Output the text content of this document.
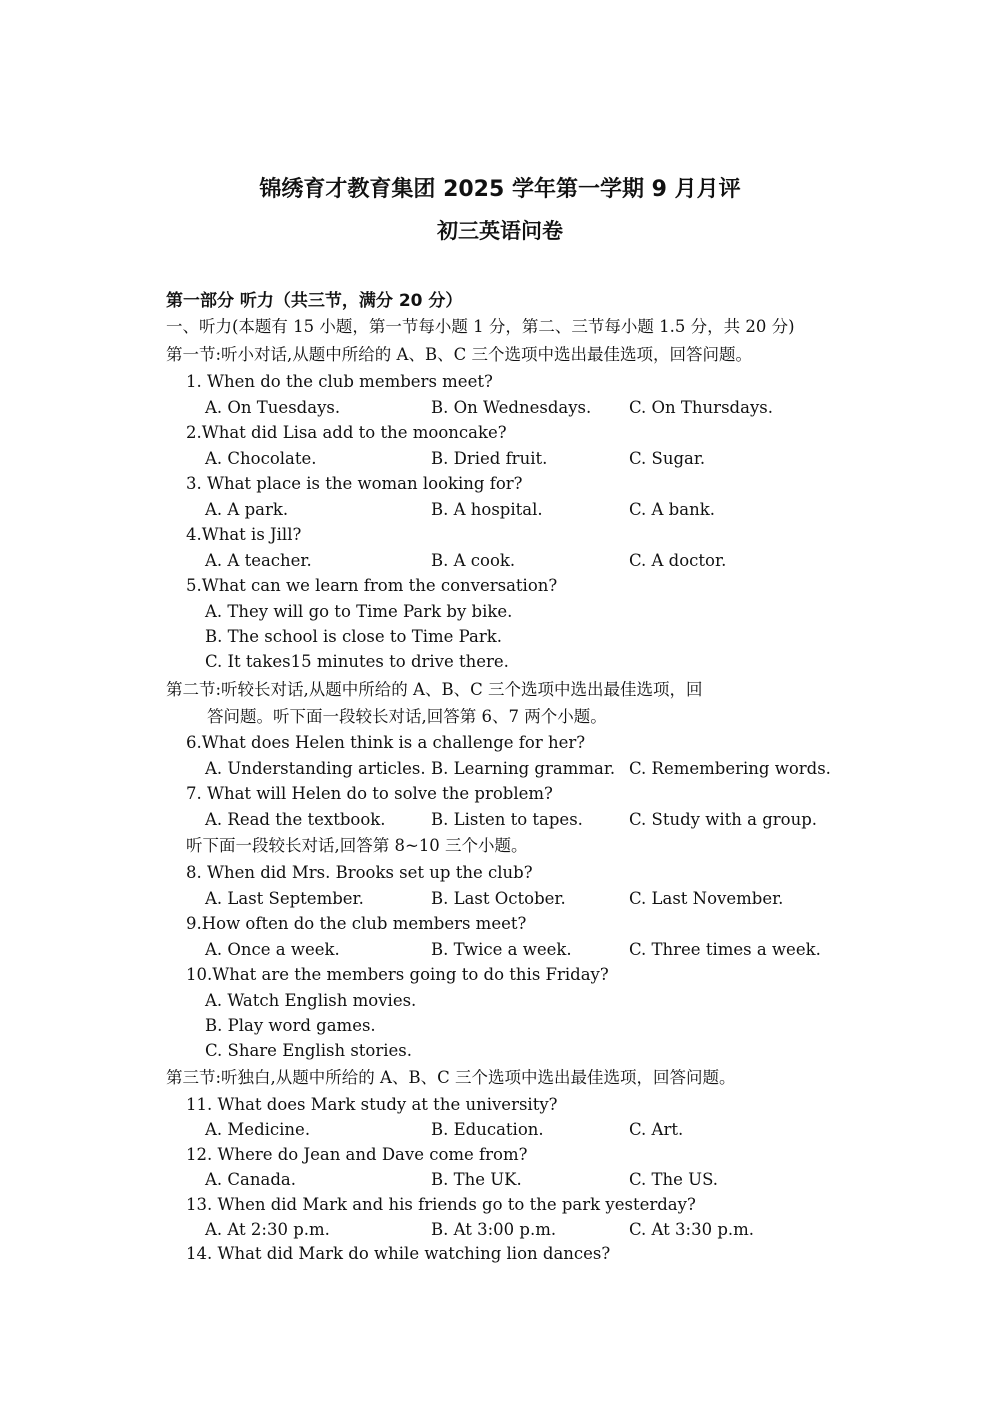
锦绣育才教育集团 2025 学年第一学期 9 月月评
初三英语问卷
第一部分 听力（共三节，满分 20 分）
一、听力(本题有 15 小题，第一节每小题 1 分，第二、三节每小题 1.5 分，共 20 分)
第一节:听小对话,从题中所给的 A、B、C 三个选项中选出最佳选项，回答问题。
1. When do the club members meet?
A. On Tuesdays.	B. On Wednesdays. C. On Thursdays.
2.What did Lisa add to the mooncake?
A. Chocolate.	B. Dried fruit.	C. Sugar.
3. What place is the woman looking for?
A. A park.	B. A hospital.	C. A bank.
4.What is Jill?
A. A teacher.	B. A cook.	C. A doctor.
5.What can we learn from the conversation?
A. They will go to Time Park by bike.
B. The school is close to Time Park.
C. It takes15 minutes to drive there.
第二节:听较长对话,从题中所给的 A、B、C 三个选项中选出最佳选项，回
答问题。听下面一段较长对话,回答第 6、7 两个小题。
6.What does Helen think is a challenge for her?
A. Understanding articles. B. Learning grammar. C. Remembering words.
7. What will Helen do to solve the problem?
A. Read the textbook.	B. Listen to tapes.	C. Study with a group.
听下面一段较长对话,回答第 8~10 三个小题。
8. When did Mrs. Brooks set up the club?
A. Last September.	B. Last October.	C. Last November.
9.How often do the club members meet?
A. Once a week.	B. Twice a week.	C. Three times a week.
10.What are the members going to do this Friday?
A. Watch English movies.
B. Play word games.
C. Share English stories.
第三节:听独白,从题中所给的 A、B、C 三个选项中选出最佳选项，回答问题。
11. What does Mark study at the university?
A. Medicine.	B. Education.	C. Art.
12. Where do Jean and Dave come from?
A. Canada.	B. The UK.	C. The US.
13. When did Mark and his friends go to the park yesterday?
A. At 2:30 p.m.	B. At 3:00 p.m.	C. At 3:30 p.m.
14. What did Mark do while watching lion dances?
